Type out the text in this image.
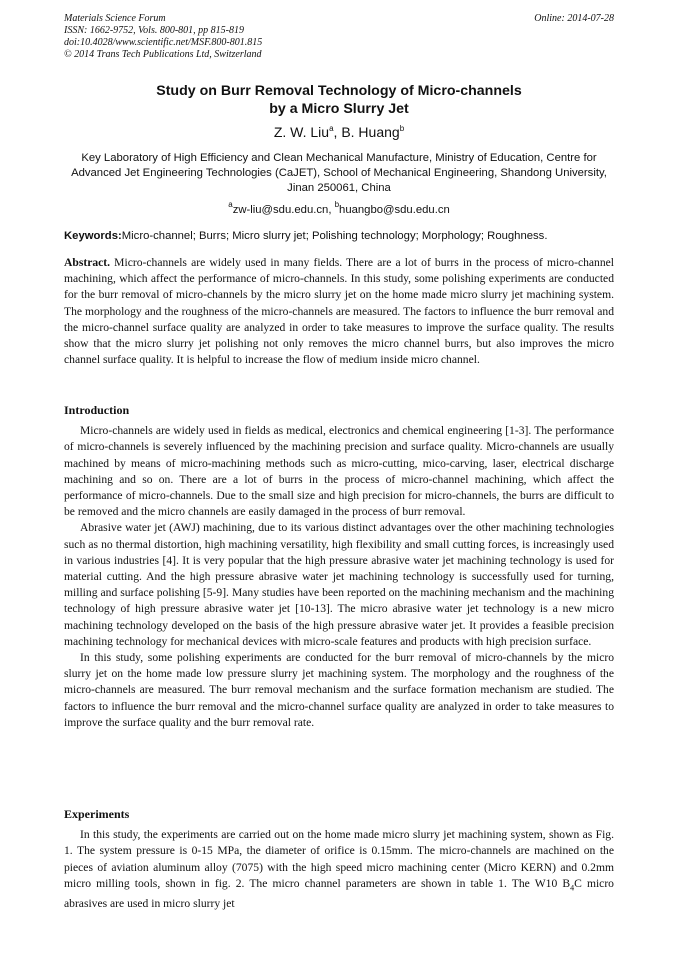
Materials Science Forum
ISSN: 1662-9752, Vols. 800-801, pp 815-819
doi:10.4028/www.scientific.net/MSF.800-801.815
© 2014 Trans Tech Publications Ltd, Switzerland
Online: 2014-07-28
Study on Burr Removal Technology of Micro-channels
by a Micro Slurry Jet
Z. W. Liu$^a$, B. Huang$^b$
Key Laboratory of High Efficiency and Clean Mechanical Manufacture, Ministry of Education, Centre for Advanced Jet Engineering Technologies (CaJET), School of Mechanical Engineering, Shandong University, Jinan 250061, China
$^a$zw-liu@sdu.edu.cn, $^b$huangbo@sdu.edu.cn
Keywords:Micro-channel; Burrs; Micro slurry jet; Polishing technology; Morphology; Roughness.

Abstract. Micro-channels are widely used in many fields. There are a lot of burrs in the process of micro-channel machining, which affect the performance of micro-channels. In this study, some polishing experiments are conducted for the burr removal of micro-channels by the micro slurry jet on the home made micro slurry jet machining system. The morphology and the roughness of the micro-channels are measured. The factors to influence the burr removal and the micro-channel surface quality are analyzed in order to take measures to improve the surface quality. The results show that the micro slurry jet polishing not only removes the micro channel burrs, but also improves the micro channel surface quality. It is helpful to increase the flow of medium inside micro channel.

Introduction

Micro-channels are widely used in fields as medical, electronics and chemical engineering [1-3]. The performance of micro-channels is severely influenced by the machining precision and surface quality. Micro-channels are usually machined by means of micro-machining methods such as micro-cutting, mico-carving, laser, electrical discharge machining and so on. There are a lot of burrs in the process of micro-channel machining, which affect the performance of micro-channels. Due to the small size and high precision for micro-channels, the burrs are difficult to be removed and the micro channels are easily damaged in the process of burr removal.

Abrasive water jet (AWJ) machining, due to its various distinct advantages over the other machining technologies such as no thermal distortion, high machining versatility, high flexibility and small cutting forces, is increasingly used in various industries [4]. It is very popular that the high pressure abrasive water jet machining technology is used for material cutting. And the high pressure abrasive water jet machining technology is successfully used for turning, milling and surface polishing [5-9]. Many studies have been reported on the machining mechanism and the machining technology of high pressure abrasive water jet [10-13]. The micro abrasive water jet technology is a new micro machining technology developed on the basis of the high pressure abrasive water jet. It provides a feasible precision machining technology for mechanical devices with micro-scale features and products with high precision surface.

In this study, some polishing experiments are conducted for the burr removal of micro-channels by the micro slurry jet on the home made low pressure slurry jet machining system. The morphology and the roughness of the micro-channels are measured. The burr removal mechanism and the surface formation mechanism are studied. The factors to influence the burr removal and the micro-channel surface quality are analyzed in order to take measures to improve the surface quality and the burr removal rate.

Experiments

In this study, the experiments are carried out on the home made micro slurry jet machining system, shown as Fig. 1. The system pressure is 0-15 MPa, the diameter of orifice is 0.15mm. The micro-channels are machined on the pieces of aviation aluminum alloy (7075) with the high speed micro machining center (Micro KERN) and 0.2mm micro milling tools, shown in fig. 2. The micro channel parameters are shown in table 1. The W10 $B_4C$ micro abrasives are used in micro slurry jet
